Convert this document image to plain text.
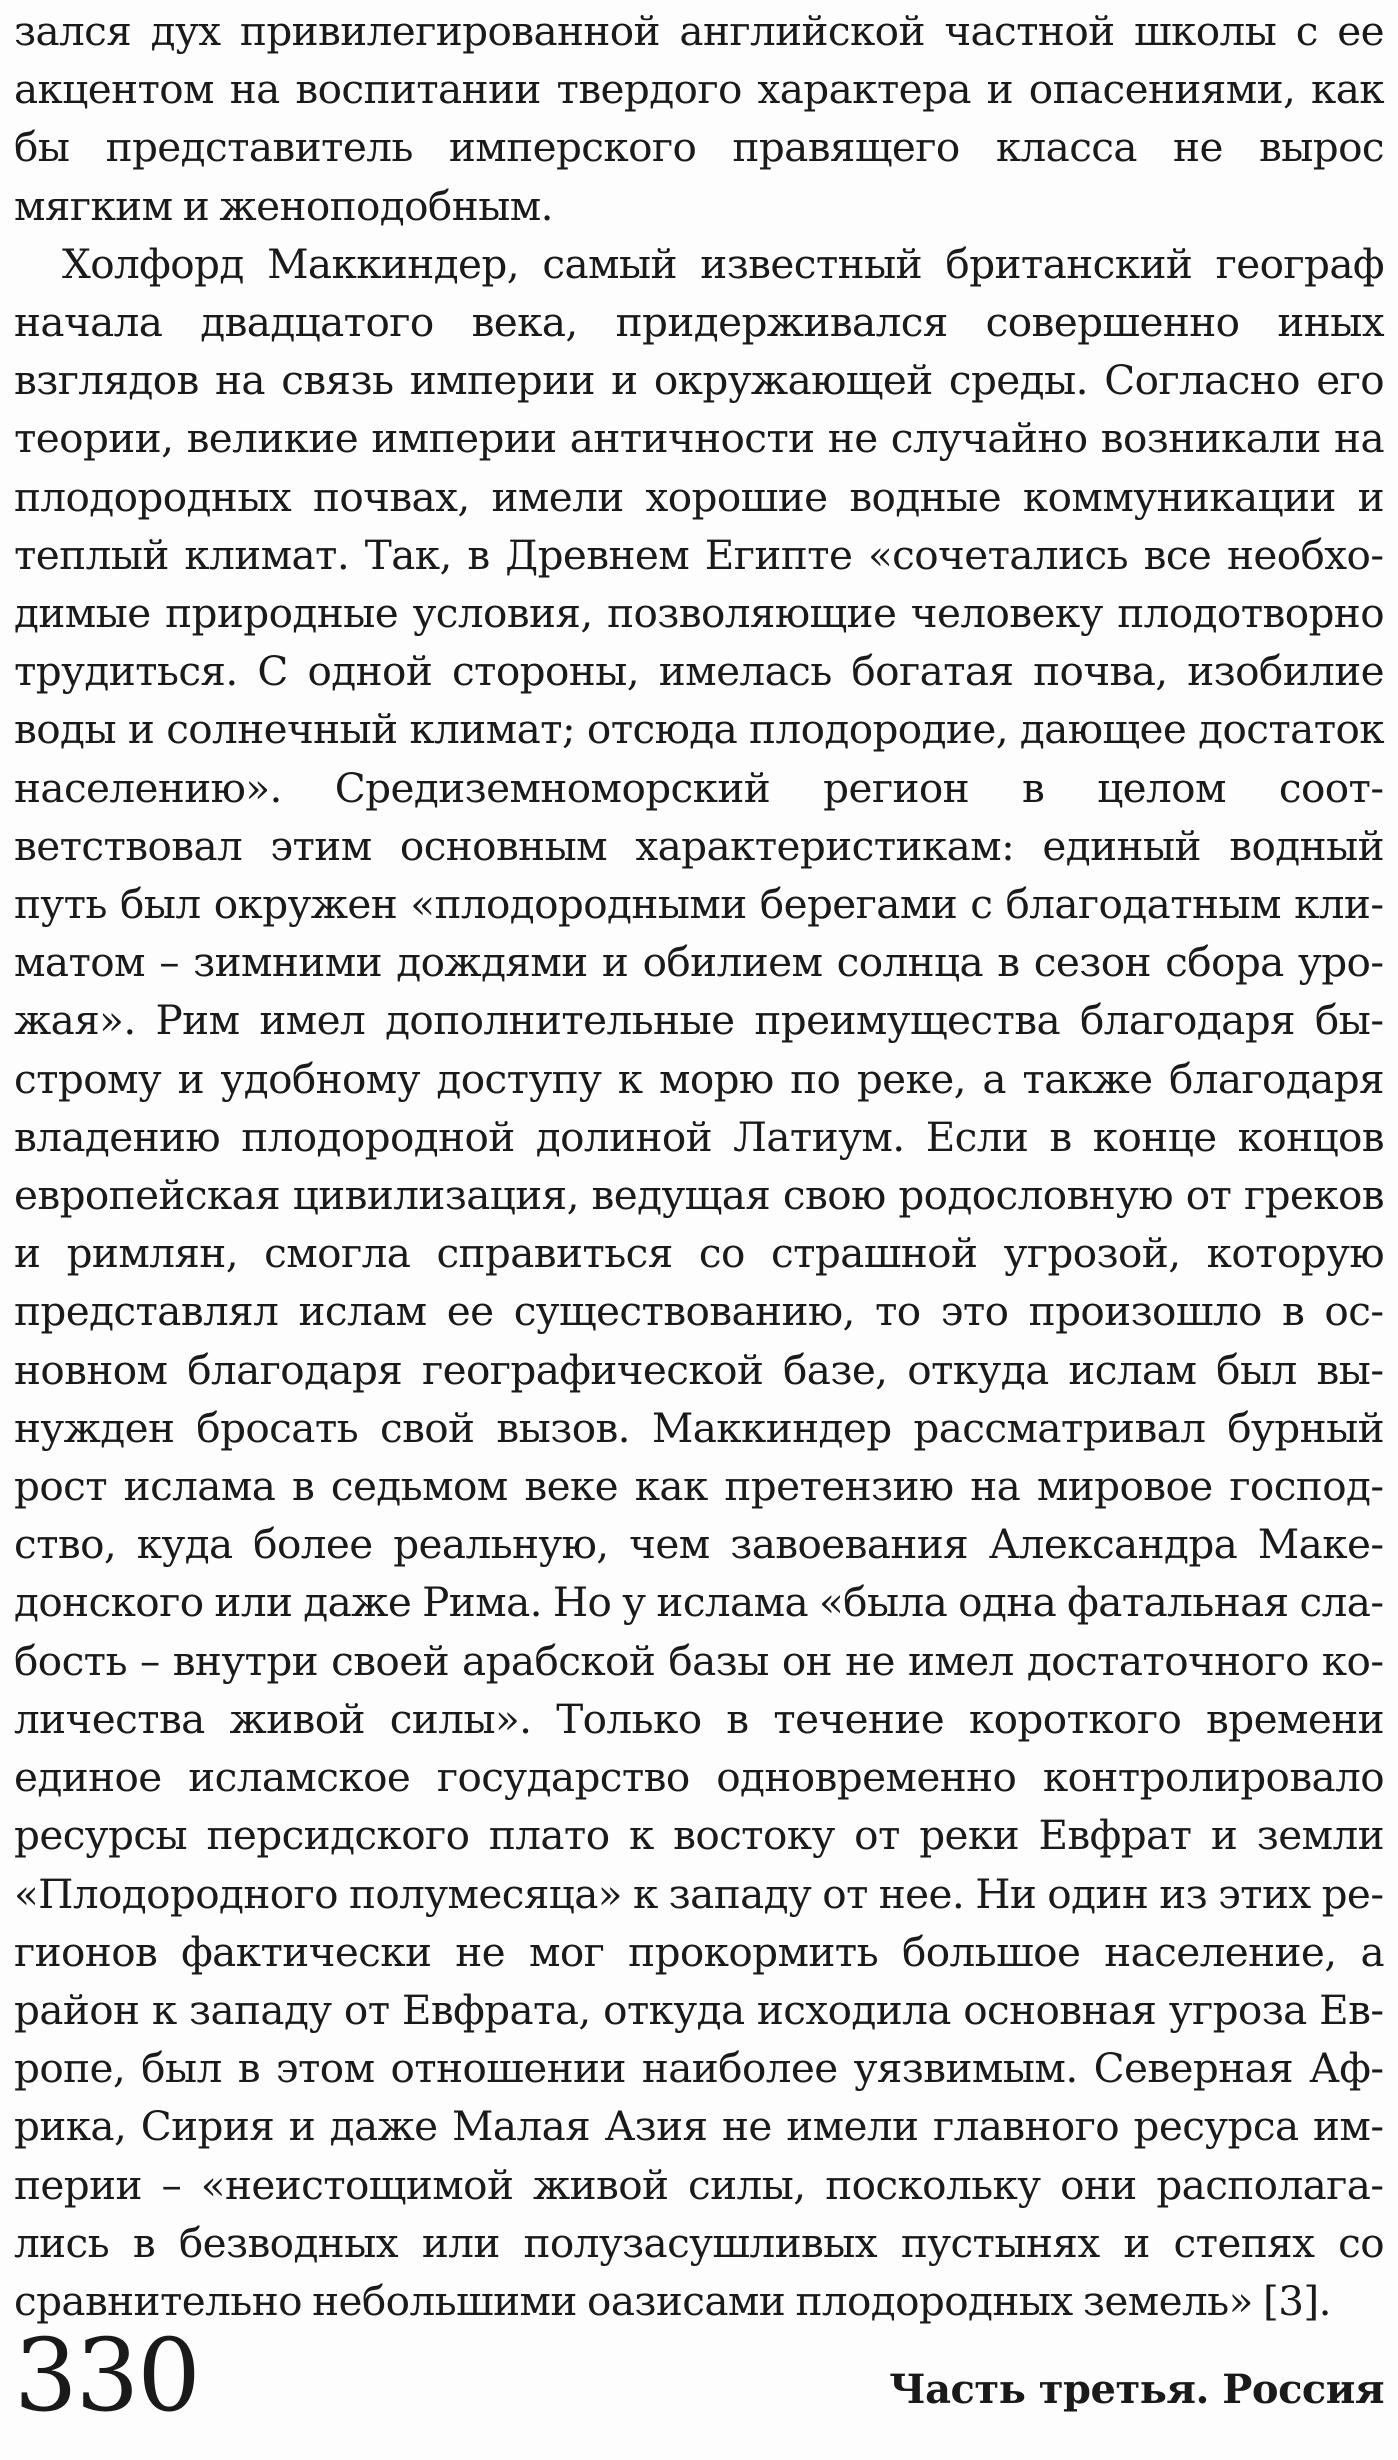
зался дух привилегированной английской частной школы с ее акцентом на воспитании твердого характера и опасениями, как бы представитель имперского правящего класса не вырос мягким и женоподобным.

Холфорд Маккиндер, самый известный британский географ начала двадцатого века, придерживался совершенно иных взглядов на связь империи и окружающей среды. Согласно его теории, великие империи античности не случайно возникали на плодородных почвах, имели хорошие водные коммуникации и теплый климат. Так, в Древнем Египте «сочетались все необходимые природные условия, позволяющие человеку плодотворно трудиться. С одной стороны, имелась богатая почва, изобилие воды и солнечный климат; отсюда плодородие, дающее достаток населению». Средиземноморский регион в целом соответствовал этим основным характеристикам: единый водный путь был окружен «плодородными берегами с благодатным климатом – зимними дождями и обилием солнца в сезон сбора урожая». Рим имел дополнительные преимущества благодаря быстрому и удобному доступу к морю по реке, а также благодаря владению плодородной долиной Латиум. Если в конце концов европейская цивилизация, ведущая свою родословную от греков и римлян, смогла справиться со страшной угрозой, которую представлял ислам ее существованию, то это произошло в основном благодаря географической базе, откуда ислам был вынужден бросать свой вызов. Маккиндер рассматривал бурный рост ислама в седьмом веке как претензию на мировое господство, куда более реальную, чем завоевания Александра Македонского или даже Рима. Но у ислама «была одна фатальная слабость – внутри своей арабской базы он не имел достаточного количества живой силы». Только в течение короткого времени единое исламское государство одновременно контролировало ресурсы персидского плато к востоку от реки Евфрат и земли «Плодородного полумесяца» к западу от нее. Ни один из этих регионов фактически не мог прокормить большое население, а район к западу от Евфрата, откуда исходила основная угроза Европе, был в этом отношении наиболее уязвимым. Северная Африка, Сирия и даже Малая Азия не имели главного ресурса империи – «неистощимой живой силы, поскольку они располагались в безводных или полузасушливых пустынях и степях со сравнительно небольшими оазисами плодородных земель» [3].

330	Часть третья. Россия
